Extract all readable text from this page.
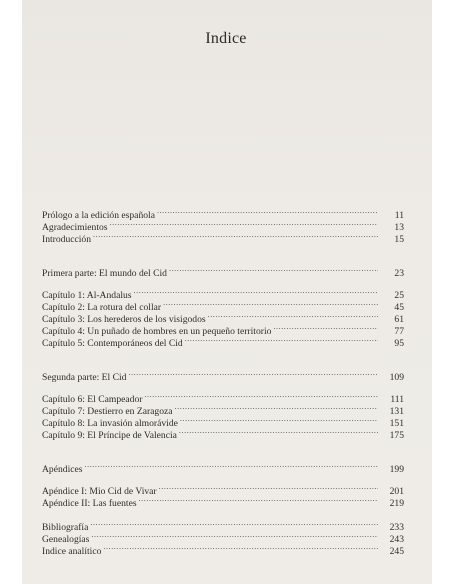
Indice
Prólogo a la edición española .....	11
Agradecimientos .....	13
Introducción .....	15
Primera parte: El mundo del Cid .....	23
Capítulo 1: Al-Andalus .....	25
Capítulo 2: La rotura del collar .....	45
Capítulo 3: Los herederos de los visigodos .....	61
Capítulo 4: Un puñado de hombres en un pequeño territorio .....	77
Capítulo 5: Contemporáneos del Cid .....	95
Segunda parte: El Cid .....	109
Capítulo 6: El Campeador .....	111
Capítulo 7: Destierro en Zaragoza .....	131
Capítulo 8: La invasión almorávide .....	151
Capítulo 9: El Príncipe de Valencia .....	175
Apéndices .....	199
Apéndice I: Mio Cid de Vivar .....	201
Apéndice II: Las fuentes .....	219
Bibliografía .....	233
Genealogías .....	243
Indice analítico .....	245
